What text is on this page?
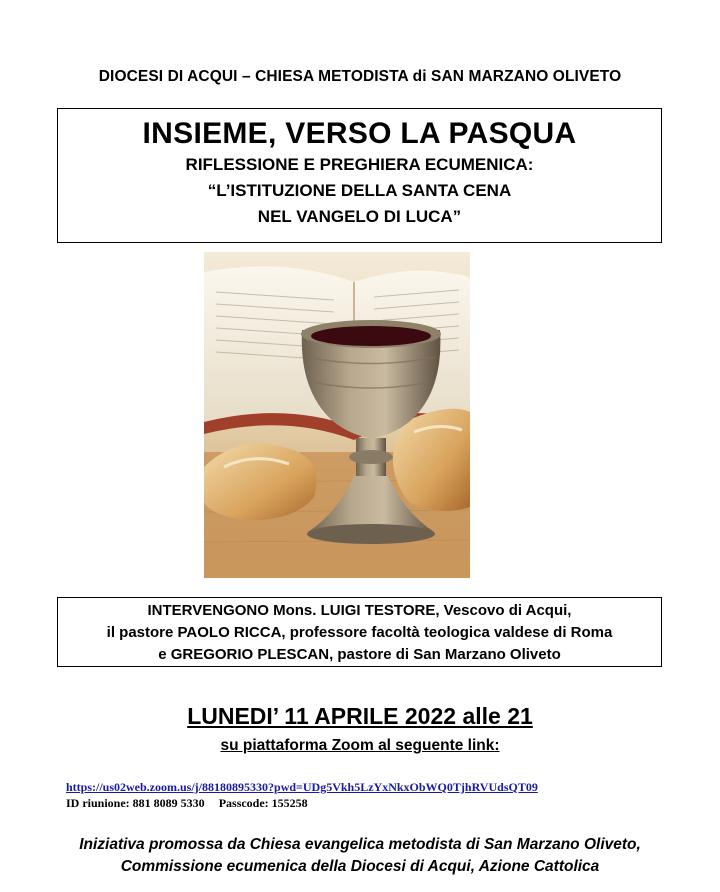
DIOCESI DI ACQUI – CHIESA METODISTA di SAN MARZANO OLIVETO
INSIEME, VERSO LA PASQUA
RIFLESSIONE E PREGHIERA ECUMENICA:
“L’ISTITUZIONE DELLA SANTA CENA
NEL VANGELO DI LUCA”
INTERVENGONO Mons. LUIGI TESTORE, Vescovo di Acqui,
il pastore PAOLO RICCA, professore facoltà teologica valdese di Roma
e GREGORIO PLESCAN, pastore di San Marzano Oliveto
LUNEDI’ 11 APRILE 2022 alle 21
su piattaforma Zoom al seguente link:
https://us02web.zoom.us/j/88180895330?pwd=UDg5Vkh5LzYxNkxObWQ0TjhRVUdsQT09
ID riunione: 881 8089 5330 Passcode: 155258
Iniziativa promossa da Chiesa evangelica metodista di San Marzano Oliveto,
Commissione ecumenica della Diocesi di Acqui, Azione Cattolica
